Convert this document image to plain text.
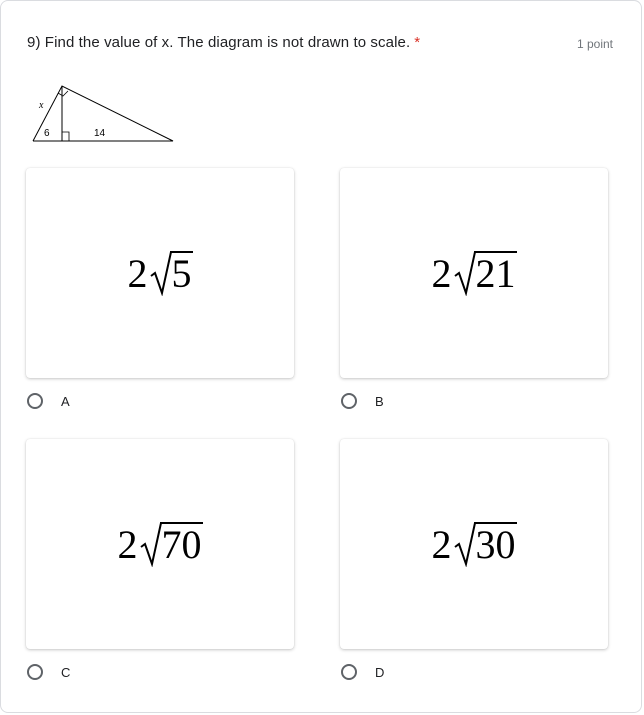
9) Find the value of x. The diagram is not drawn to scale. *	1 point
x
6	14
2 5
A
2 21
B
2 70
C
2 30
D
